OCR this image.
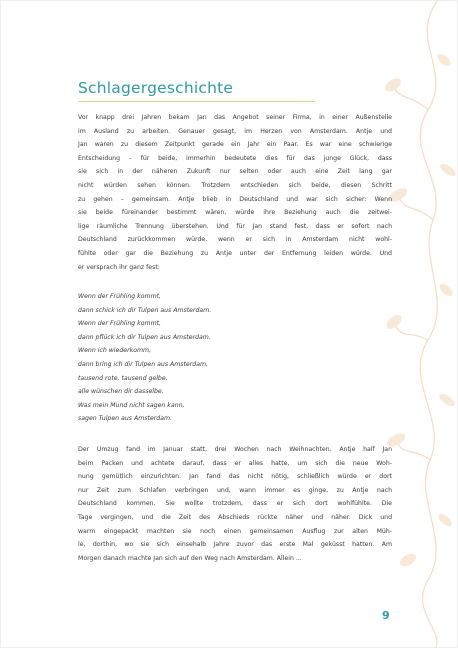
Schlagergeschichte
Vor knapp drei Jahren bekam Jan das Angebot seiner Firma, in einer Außenstelle
im Ausland zu arbeiten. Genauer gesagt, im Herzen von Amsterdam. Antje und
Jan waren zu diesem Zeitpunkt gerade ein Jahr ein Paar. Es war eine schwierige
Entscheidung – für beide, immerhin bedeutete dies für das junge Glück, dass
sie sich in der näheren Zukunft nur selten oder auch eine Zeit lang gar
nicht würden sehen können. Trotzdem entschieden sich beide, diesen Schritt
zu gehen – gemeinsam. Antje blieb in Deutschland und war sich sicher: Wenn
sie beide füreinander bestimmt wären, würde ihre Beziehung auch die zeitwei-
lige räumliche Trennung überstehen. Und für Jan stand fest, dass er sofort nach
Deutschland zurückkommen würde, wenn er sich in Amsterdam nicht wohl-
fühlte oder gar die Beziehung zu Antje unter der Entfernung leiden würde. Und
er versprach ihr ganz fest:
Wenn der Frühling kommt,
dann schick ich dir Tulpen aus Amsterdam.
Wenn der Frühling kommt,
dann pflück ich dir Tulpen aus Amsterdam.
Wenn ich wiederkomm,
dann bring ich dir Tulpen aus Amsterdam,
tausend rote, tausend gelbe,
alle wünschen dir dasselbe.
Was mein Mund nicht sagen kann,
sagen Tulpen aus Amsterdam.
Der Umzug fand im Januar statt, drei Wochen nach Weihnachten. Antje half Jan
beim Packen und achtete darauf, dass er alles hatte, um sich die neue Woh-
nung gemütlich einzurichten. Jan fand das nicht nötig, schließlich würde er dort
nur Zeit zum Schlafen verbringen und, wann immer es ginge, zu Antje nach
Deutschland kommen. Sie wollte trotzdem, dass er sich dort wohlfühlte. Die
Tage vergingen, und die Zeit des Abschieds rückte näher und näher. Dick und
warm eingepackt machten sie noch einen gemeinsamen Ausflug zur alten Müh-
le, dorthin, wo sie sich einsehalb Jahre zuvor das erste Mal geküsst hatten. Am
Morgen danach machte Jan sich auf den Weg nach Amsterdam. Allein ...
9
